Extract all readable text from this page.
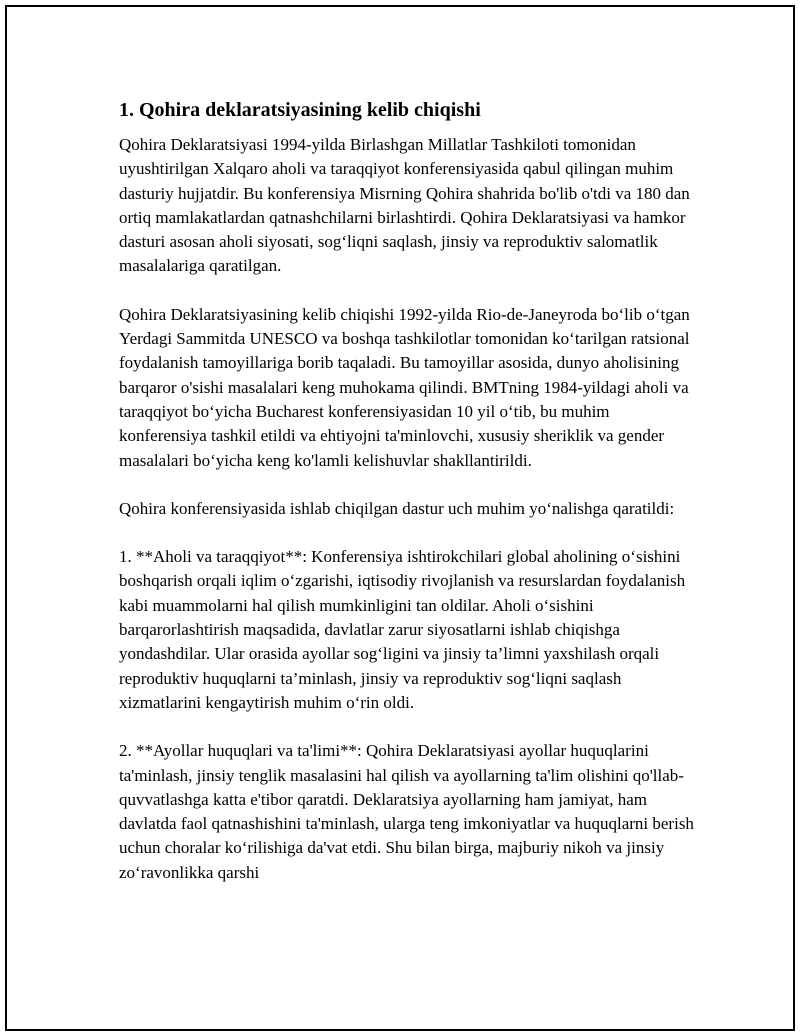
1. Qohira deklaratsiyasining kelib chiqishi

Qohira Deklaratsiyasi 1994-yilda Birlashgan Millatlar Tashkiloti tomonidan uyushtirilgan Xalqaro aholi va taraqqiyot konferensiyasida qabul qilingan muhim dasturiy hujjatdir. Bu konferensiya Misrning Qohira shahrida bo'lib o'tdi va 180 dan ortiq mamlakatlardan qatnashchilarni birlashtirdi. Qohira Deklaratsiyasi va hamkor dasturi asosan aholi siyosati, sog‘liqni saqlash, jinsiy va reproduktiv salomatlik masalalariga qaratilgan.

Qohira Deklaratsiyasining kelib chiqishi 1992-yilda Rio-de-Janeyroda bo‘lib o‘tgan Yerdagi Sammitda UNESCO va boshqa tashkilotlar tomonidan ko‘tarilgan ratsional foydalanish tamoyillariga borib taqaladi. Bu tamoyillar asosida, dunyo aholisining barqaror o'sishi masalalari keng muhokama qilindi. BMTning 1984-yildagi aholi va taraqqiyot bo‘yicha Bucharest konferensiyasidan 10 yil o‘tib, bu muhim konferensiya tashkil etildi va ehtiyojni ta'minlovchi, xususiy sheriklik va gender masalalari bo‘yicha keng ko'lamli kelishuvlar shakllantirildi.

Qohira konferensiyasida ishlab chiqilgan dastur uch muhim yo‘nalishga qaratildi:

1. **Aholi va taraqqiyot**: Konferensiya ishtirokchilari global aholining o‘sishini boshqarish orqali iqlim o‘zgarishi, iqtisodiy rivojlanish va resurslardan foydalanish kabi muammolarni hal qilish mumkinligini tan oldilar. Aholi o‘sishini barqarorlashtirish maqsadida, davlatlar zarur siyosatlarni ishlab chiqishga yondashdilar. Ular orasida ayollar sog‘ligini va jinsiy ta’limni yaxshilash orqali reproduktiv huquqlarni ta’minlash, jinsiy va reproduktiv sog‘liqni saqlash xizmatlarini kengaytirish muhim o‘rin oldi.

2. **Ayollar huquqlari va ta'limi**: Qohira Deklaratsiyasi ayollar huquqlarini ta'minlash, jinsiy tenglik masalasini hal qilish va ayollarning ta'lim olishini qo'llab-quvvatlashga katta e'tibor qaratdi. Deklaratsiya ayollarning ham jamiyat, ham davlatda faol qatnashishini ta'minlash, ularga teng imkoniyatlar va huquqlarni berish uchun choralar ko‘rilishiga da'vat etdi. Shu bilan birga, majburiy nikoh va jinsiy zo‘ravonlikka qarshi
